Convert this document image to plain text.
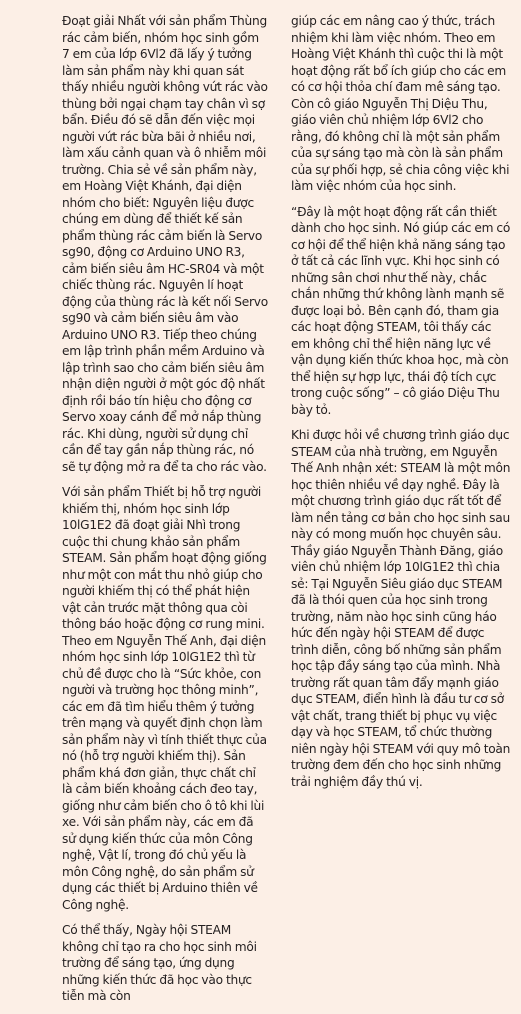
Đoạt giải Nhất với sản phẩm Thùng rác cảm biến, nhóm học sinh gồm 7 em của lớp 6Vl2 đã lấy ý tưởng làm sản phẩm này khi quan sát thấy nhiều người không vứt rác vào thùng bởi ngại chạm tay chân vì sợ bẩn. Điều đó sẽ dẫn đến việc mọi người vứt rác bừa bãi ở nhiều nơi, làm xấu cảnh quan và ô nhiễm môi trường. Chia sẻ về sản phẩm này, em Hoàng Việt Khánh, đại diện nhóm cho biết: Nguyên liệu được chúng em dùng để thiết kế sản phẩm thùng rác cảm biến là Servo sg90, động cơ Arduino UNO R3, cảm biến siêu âm HC-SR04 và một chiếc thùng rác. Nguyên lí hoạt động của thùng rác là kết nối Servo sg90 và cảm biến siêu âm vào Arduino UNO R3. Tiếp theo chúng em lập trình phần mềm Arduino và lập trình sao cho cảm biến siêu âm nhận diện người ở một góc độ nhất định rồi báo tín hiệu cho động cơ Servo xoay cánh để mở nắp thùng rác. Khi dùng, người sử dụng chỉ cần để tay gần nắp thùng rác, nó sẽ tự động mở ra để ta cho rác vào.

Với sản phẩm Thiết bị hỗ trợ người khiếm thị, nhóm học sinh lớp 10lG1E2 đã đoạt giải Nhì trong cuộc thi chung khảo sản phẩm STEAM. Sản phẩm hoạt động giống như một con mắt thu nhỏ giúp cho người khiếm thị có thể phát hiện vật cản trước mặt thông qua còi thông báo hoặc động cơ rung mini. Theo em Nguyễn Thế Anh, đại diện nhóm học sinh lớp 10lG1E2 thì từ chủ đề được cho là “Sức khỏe, con người và trường học thông minh”, các em đã tìm hiểu thêm ý tưởng trên mạng và quyết định chọn làm sản phẩm này vì tính thiết thực của nó (hỗ trợ người khiếm thị). Sản phẩm khá đơn giản, thực chất chỉ là cảm biến khoảng cách đeo tay, giống như cảm biến cho ô tô khi lùi xe. Với sản phẩm này, các em đã sử dụng kiến thức của môn Công nghệ, Vật lí, trong đó chủ yếu là môn Công nghệ, do sản phẩm sử dụng các thiết bị Arduino thiên về Công nghệ.

Có thể thấy, Ngày hội STEAM không chỉ tạo ra cho học sinh môi trường để sáng tạo, ứng dụng những kiến thức đã học vào thực tiễn mà còn

giúp các em nâng cao ý thức, trách nhiệm khi làm việc nhóm. Theo em Hoàng Việt Khánh thì cuộc thi là một hoạt động rất bổ ích giúp cho các em có cơ hội thỏa chí đam mê sáng tạo. Còn cô giáo Nguyễn Thị Diệu Thu, giáo viên chủ nhiệm lớp 6Vl2 cho rằng, đó không chỉ là một sản phẩm của sự sáng tạo mà còn là sản phẩm của sự phối hợp, sẻ chia công việc khi làm việc nhóm của học sinh.

“Đây là một hoạt động rất cần thiết dành cho học sinh. Nó giúp các em có cơ hội để thể hiện khả năng sáng tạo ở tất cả các lĩnh vực. Khi học sinh có những sân chơi như thế này, chắc chắn những thứ không lành mạnh sẽ được loại bỏ. Bên cạnh đó, tham gia các hoạt động STEAM, tôi thấy các em không chỉ thể hiện năng lực về vận dụng kiến thức khoa học, mà còn thể hiện sự hợp lực, thái độ tích cực trong cuộc sống” – cô giáo Diệu Thu bày tỏ.

Khi được hỏi về chương trình giáo dục STEAM của nhà trường, em Nguyễn Thế Anh nhận xét: STEAM là một môn học thiên nhiều về dạy nghề. Đây là một chương trình giáo dục rất tốt để làm nền tảng cơ bản cho học sinh sau này có mong muốn học chuyên sâu. Thầy giáo Nguyễn Thành Đăng, giáo viên chủ nhiệm lớp 10lG1E2 thì chia sẻ: Tại Nguyễn Siêu giáo dục STEAM đã là thói quen của học sinh trong trường, năm nào học sinh cũng háo hức đến ngày hội STEAM để được trình diễn, công bố những sản phẩm học tập đầy sáng tạo của mình. Nhà trường rất quan tâm đẩy mạnh giáo dục STEAM, điển hình là đầu tư cơ sở vật chất, trang thiết bị phục vụ việc dạy và học STEAM, tổ chức thường niên ngày hội STEAM với quy mô toàn trường đem đến cho học sinh những trải nghiệm đầy thú vị.
